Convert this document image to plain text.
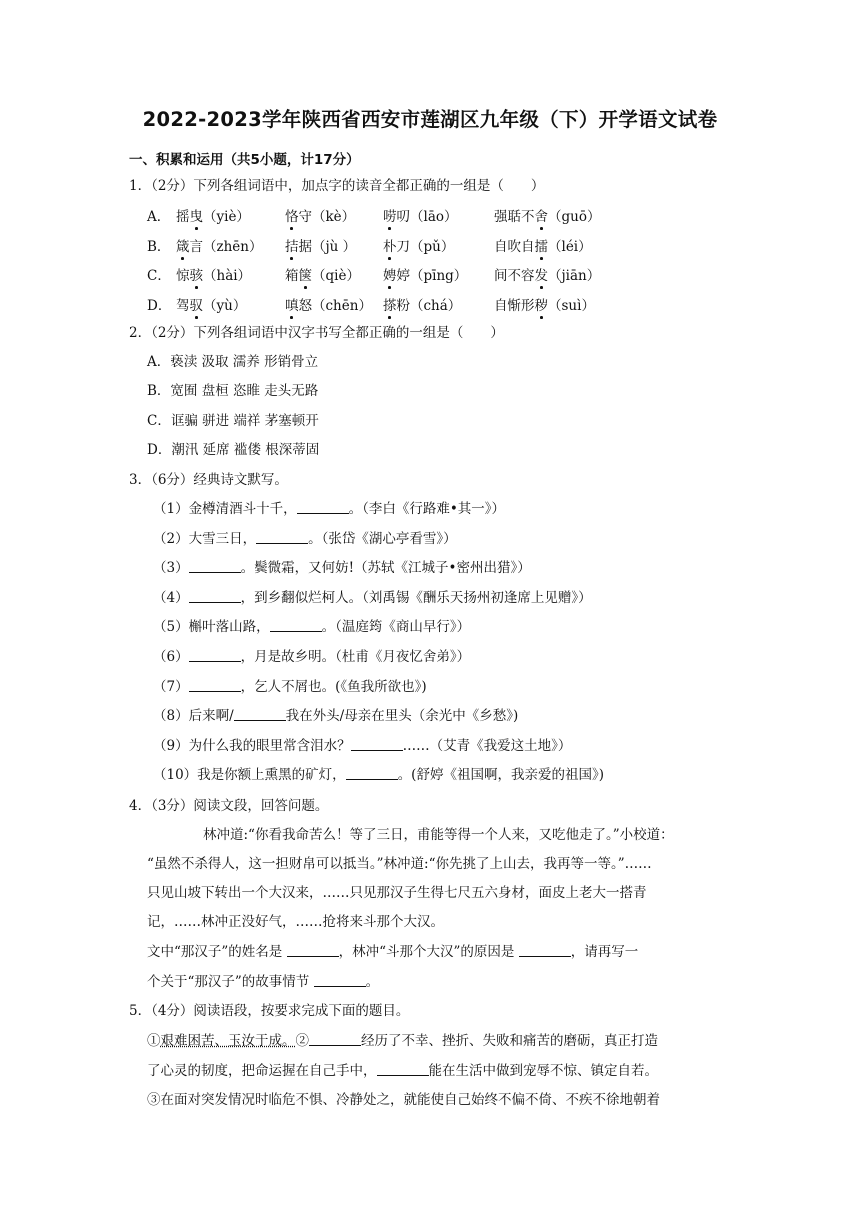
2022-2023学年陕西省西安市莲湖区九年级（下）开学语文试卷
一、积累和运用（共5小题，计17分）
1．（2分）下列各组词语中，加点字的读音全都正确的一组是（　　）
A． 摇曳（yiè）	恪守（kè） 唠叨（lāo）	强聒不舍（guō）
B． 箴言（zhēn） 拮据（jù ） 朴刀（pǔ）	自吹自擂（léi）
C． 惊骇（hài）	箱箧（qiè） 娉婷（pīng） 间不容发（jiān）
D． 驾驭（yù）	嗔怒（chēn） 搽粉（chá） 自惭形秽（suì）
2．（2分）下列各组词语中汉字书写全都正确的一组是（　　）
A．亵渎 汲取 濡养 形销骨立
B．宽囿 盘桓 恣睢 走头无路
C．诓骗 骈进 端祥 茅塞顿开
D．潮汛 延席 褴偻 根深蒂固
3．（6分）经典诗文默写。
（1）金樽清酒斗十千，	。（李白《行路难•其一》）
（2）大雪三日，	。（张岱《湖心亭看雪》）
（3）	。鬓微霜，又何妨!（苏轼《江城子•密州出猎》）
（4）	，到乡翻似烂柯人。（刘禹锡《酬乐天扬州初逢席上见赠》）
（5）槲叶落山路，	。（温庭筠《商山早行》）
（6）	，月是故乡明。（杜甫《月夜忆舍弟》）
（7）	，乞人不屑也。(《鱼我所欲也》)
（8）后来啊/	我在外头/母亲在里头（余光中《乡愁》)
（9）为什么我的眼里常含泪水？	……（艾青《我爱这土地》）
（10）我是你额上熏黑的矿灯，	。(舒婷《祖国啊，我亲爱的祖国》)
4．（3分）阅读文段，回答问题。
林冲道:“你看我命苦么！等了三日，甫能等得一个人来，又吃他走了。”小校道：
“虽然不杀得人，这一担财帛可以抵当。”林冲道:“你先挑了上山去，我再等一等。”……
只见山坡下转出一个大汉来，……只见那汉子生得七尺五六身材，面皮上老大一搭青
记，……林冲正没好气，……抢将来斗那个大汉。
文中“那汉子”的姓名是	，林冲“斗那个大汉”的原因是	，请再写一
个关于“那汉子”的故事情节	。
5．（4分）阅读语段，按要求完成下面的题目。
①艰难困苦、玉汝于成。②	经历了不幸、挫折、失败和痛苦的磨砺，真正打造
了心灵的韧度，把命运握在自己手中，	能在生活中做到宠辱不惊、镇定自若。
③在面对突发情况时临危不惧、冷静处之，就能使自己始终不偏不倚、不疾不徐地朝着
